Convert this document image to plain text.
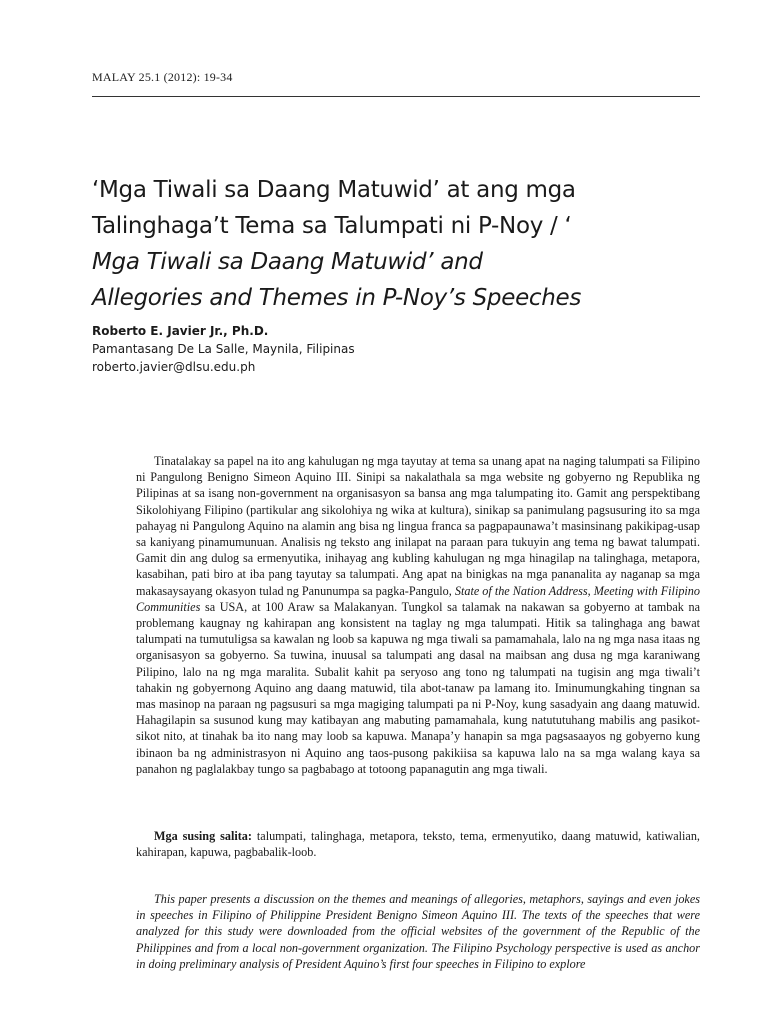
MALAY 25.1 (2012): 19-34
‘Mga Tiwali sa Daang Matuwid’ at ang mga
Talinghaga’t Tema sa Talumpati ni P-Noy / ‘
Mga Tiwali sa Daang Matuwid’ and
Allegories and Themes in P-Noy’s Speeches
Roberto E. Javier Jr., Ph.D.
Pamantasang De La Salle, Maynila, Filipinas
roberto.javier@dlsu.edu.ph

Tinatalakay sa papel na ito ang kahulugan ng mga tayutay at tema sa unang apat na naging talumpati sa Filipino ni Pangulong Benigno Simeon Aquino III. Sinipi sa nakalathala sa mga website ng gobyerno ng Republika ng Pilipinas at sa isang non-government na organisasyon sa bansa ang mga talumpating ito. Gamit ang perspektibang Sikolohiyang Filipino (partikular ang sikolohiya ng wika at kultura), sinikap sa panimulang pagsusuring ito sa mga pahayag ni Pangulong Aquino na alamin ang bisa ng lingua franca sa pagpapaunawa’t masinsinang pakikipag-usap sa kaniyang pinamumunuan. Analisis ng teksto ang inilapat na paraan para tukuyin ang tema ng bawat talumpati. Gamit din ang dulog sa ermenyutika, inihayag ang kubling kahulugan ng mga hinagilap na talinghaga, metapora, kasabihan, pati biro at iba pang tayutay sa talumpati. Ang apat na binigkas na mga pananalita ay naganap sa mga makasaysayang okasyon tulad ng Panunumpa sa pagka-Pangulo, State of the Nation Address, Meeting with Filipino Communities sa USA, at 100 Araw sa Malakanyan. Tungkol sa talamak na nakawan sa gobyerno at tambak na problemang kaugnay ng kahirapan ang konsistent na taglay ng mga talumpati. Hitik sa talinghaga ang bawat talumpati na tumutuligsa sa kawalan ng loob sa kapuwa ng mga tiwali sa pamamahala, lalo na ng mga nasa itaas ng organisasyon sa gobyerno. Sa tuwina, inuusal sa talumpati ang dasal na maibsan ang dusa ng mga karaniwang Pilipino, lalo na ng mga maralita. Subalit kahit pa seryoso ang tono ng talumpati na tugisin ang mga tiwali’t tahakin ng gobyernong Aquino ang daang matuwid, tila abot-tanaw pa lamang ito. Iminumungkahing tingnan sa mas masinop na paraan ng pagsusuri sa mga magiging talumpati pa ni P-Noy, kung sasadyain ang daang matuwid. Hahagilapin sa susunod kung may katibayan ang mabuting pamamahala, kung natututuhang mabilis ang pasikot-sikot nito, at tinahak ba ito nang may loob sa kapuwa. Manapa’y hanapin sa mga pagsasaayos ng gobyerno kung ibinaon ba ng administrasyon ni Aquino ang taos-pusong pakikiisa sa kapuwa lalo na sa mga walang kaya sa panahon ng paglalakbay tungo sa pagbabago at totoong papanagutin ang mga tiwali.

Mga susing salita: talumpati, talinghaga, metapora, teksto, tema, ermenyutiko, daang matuwid, katiwalian, kahirapan, kapuwa, pagbabalik-loob.

This paper presents a discussion on the themes and meanings of allegories, metaphors, sayings and even jokes in speeches in Filipino of Philippine President Benigno Simeon Aquino III. The texts of the speeches that were analyzed for this study were downloaded from the official websites of the government of the Republic of the Philippines and from a local non-government organization. The Filipino Psychology perspective is used as anchor in doing preliminary analysis of President Aquino’s first four speeches in Filipino to explore
